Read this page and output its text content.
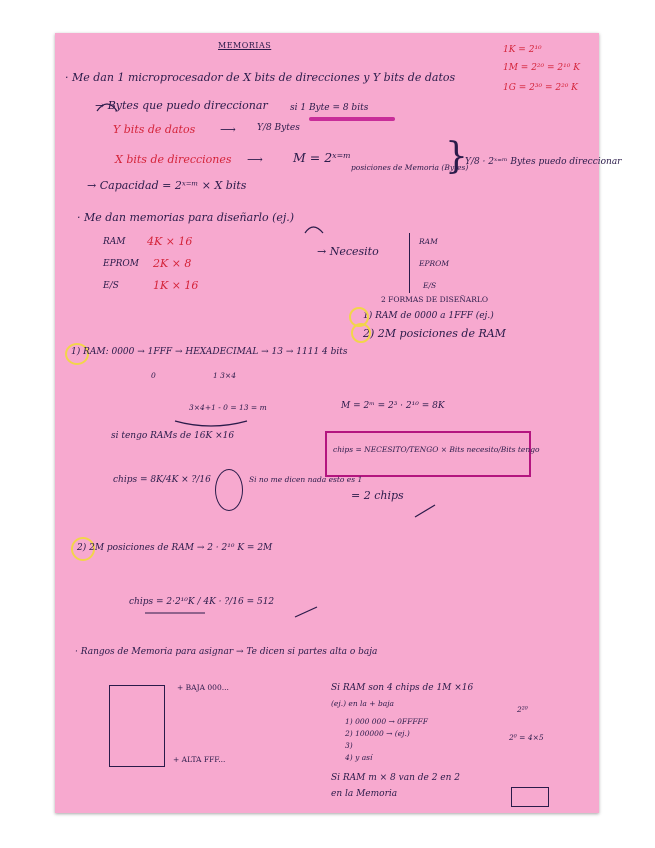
MEMORIAS	1K = 2¹⁰
1M = 2²⁰ = 2¹⁰ K
1G = 2³⁰ = 2²⁰ K
· Me dan 1 microprocesador de X bits de direcciones y Y bits de datos
→ Bytes que puedo direccionar si 1 Byte = 8 bits
Y bits de datos ⟶ Y/8 Bytes
X bits de direcciones ⟶ M = 2ˣ⁼ᵐ
posiciones de Memoria (Bytes)
}
Y/8 · 2ˣ⁼ᵐ Bytes puedo direccionar
→ Capacidad = 2ˣ⁼ᵐ × X bits
· Me dan memorias para diseñarlo (ej.)
RAM 4K × 16
EPROM 2K × 8
E/S	1K × 16
→ Necesito
RAM
EPROM
E/S
2 FORMAS DE DISEÑARLO
1) RAM de 0000 a 1FFF (ej.)
2) 2M posiciones de RAM
1) RAM: 0000 → 1FFF → HEXADECIMAL → 13 → 1111 4 bits
0	1 3×4
3×4+1 - 0 = 13 = m	M = 2ᵐ = 2³ · 2¹⁰ = 8K
si tengo RAMs de 16K ×16
chips = NECESITO/TENGO × Bits necesito/Bits tengo
chips = 8K/4K × ?/16	Si no me dicen nada esto es 1
= 2 chips
2) 2M posiciones de RAM → 2 · 2¹⁰ K = 2M
chips = 2·2¹⁰K / 4K · ?/16 = 512
· Rangos de Memoria para asignar → Te dicen si partes alta o baja
+ BAJA 000...
+ ALTA FFF...
Si RAM son 4 chips de 1M ×16
(ej.) en la + baja
2²⁰
1) 000 000 → 0FFFFF
2) 100000 → (ej.)
3)
4) y así
2⁰ = 4×5
Si RAM m × 8 van de 2 en 2
en la Memoria
